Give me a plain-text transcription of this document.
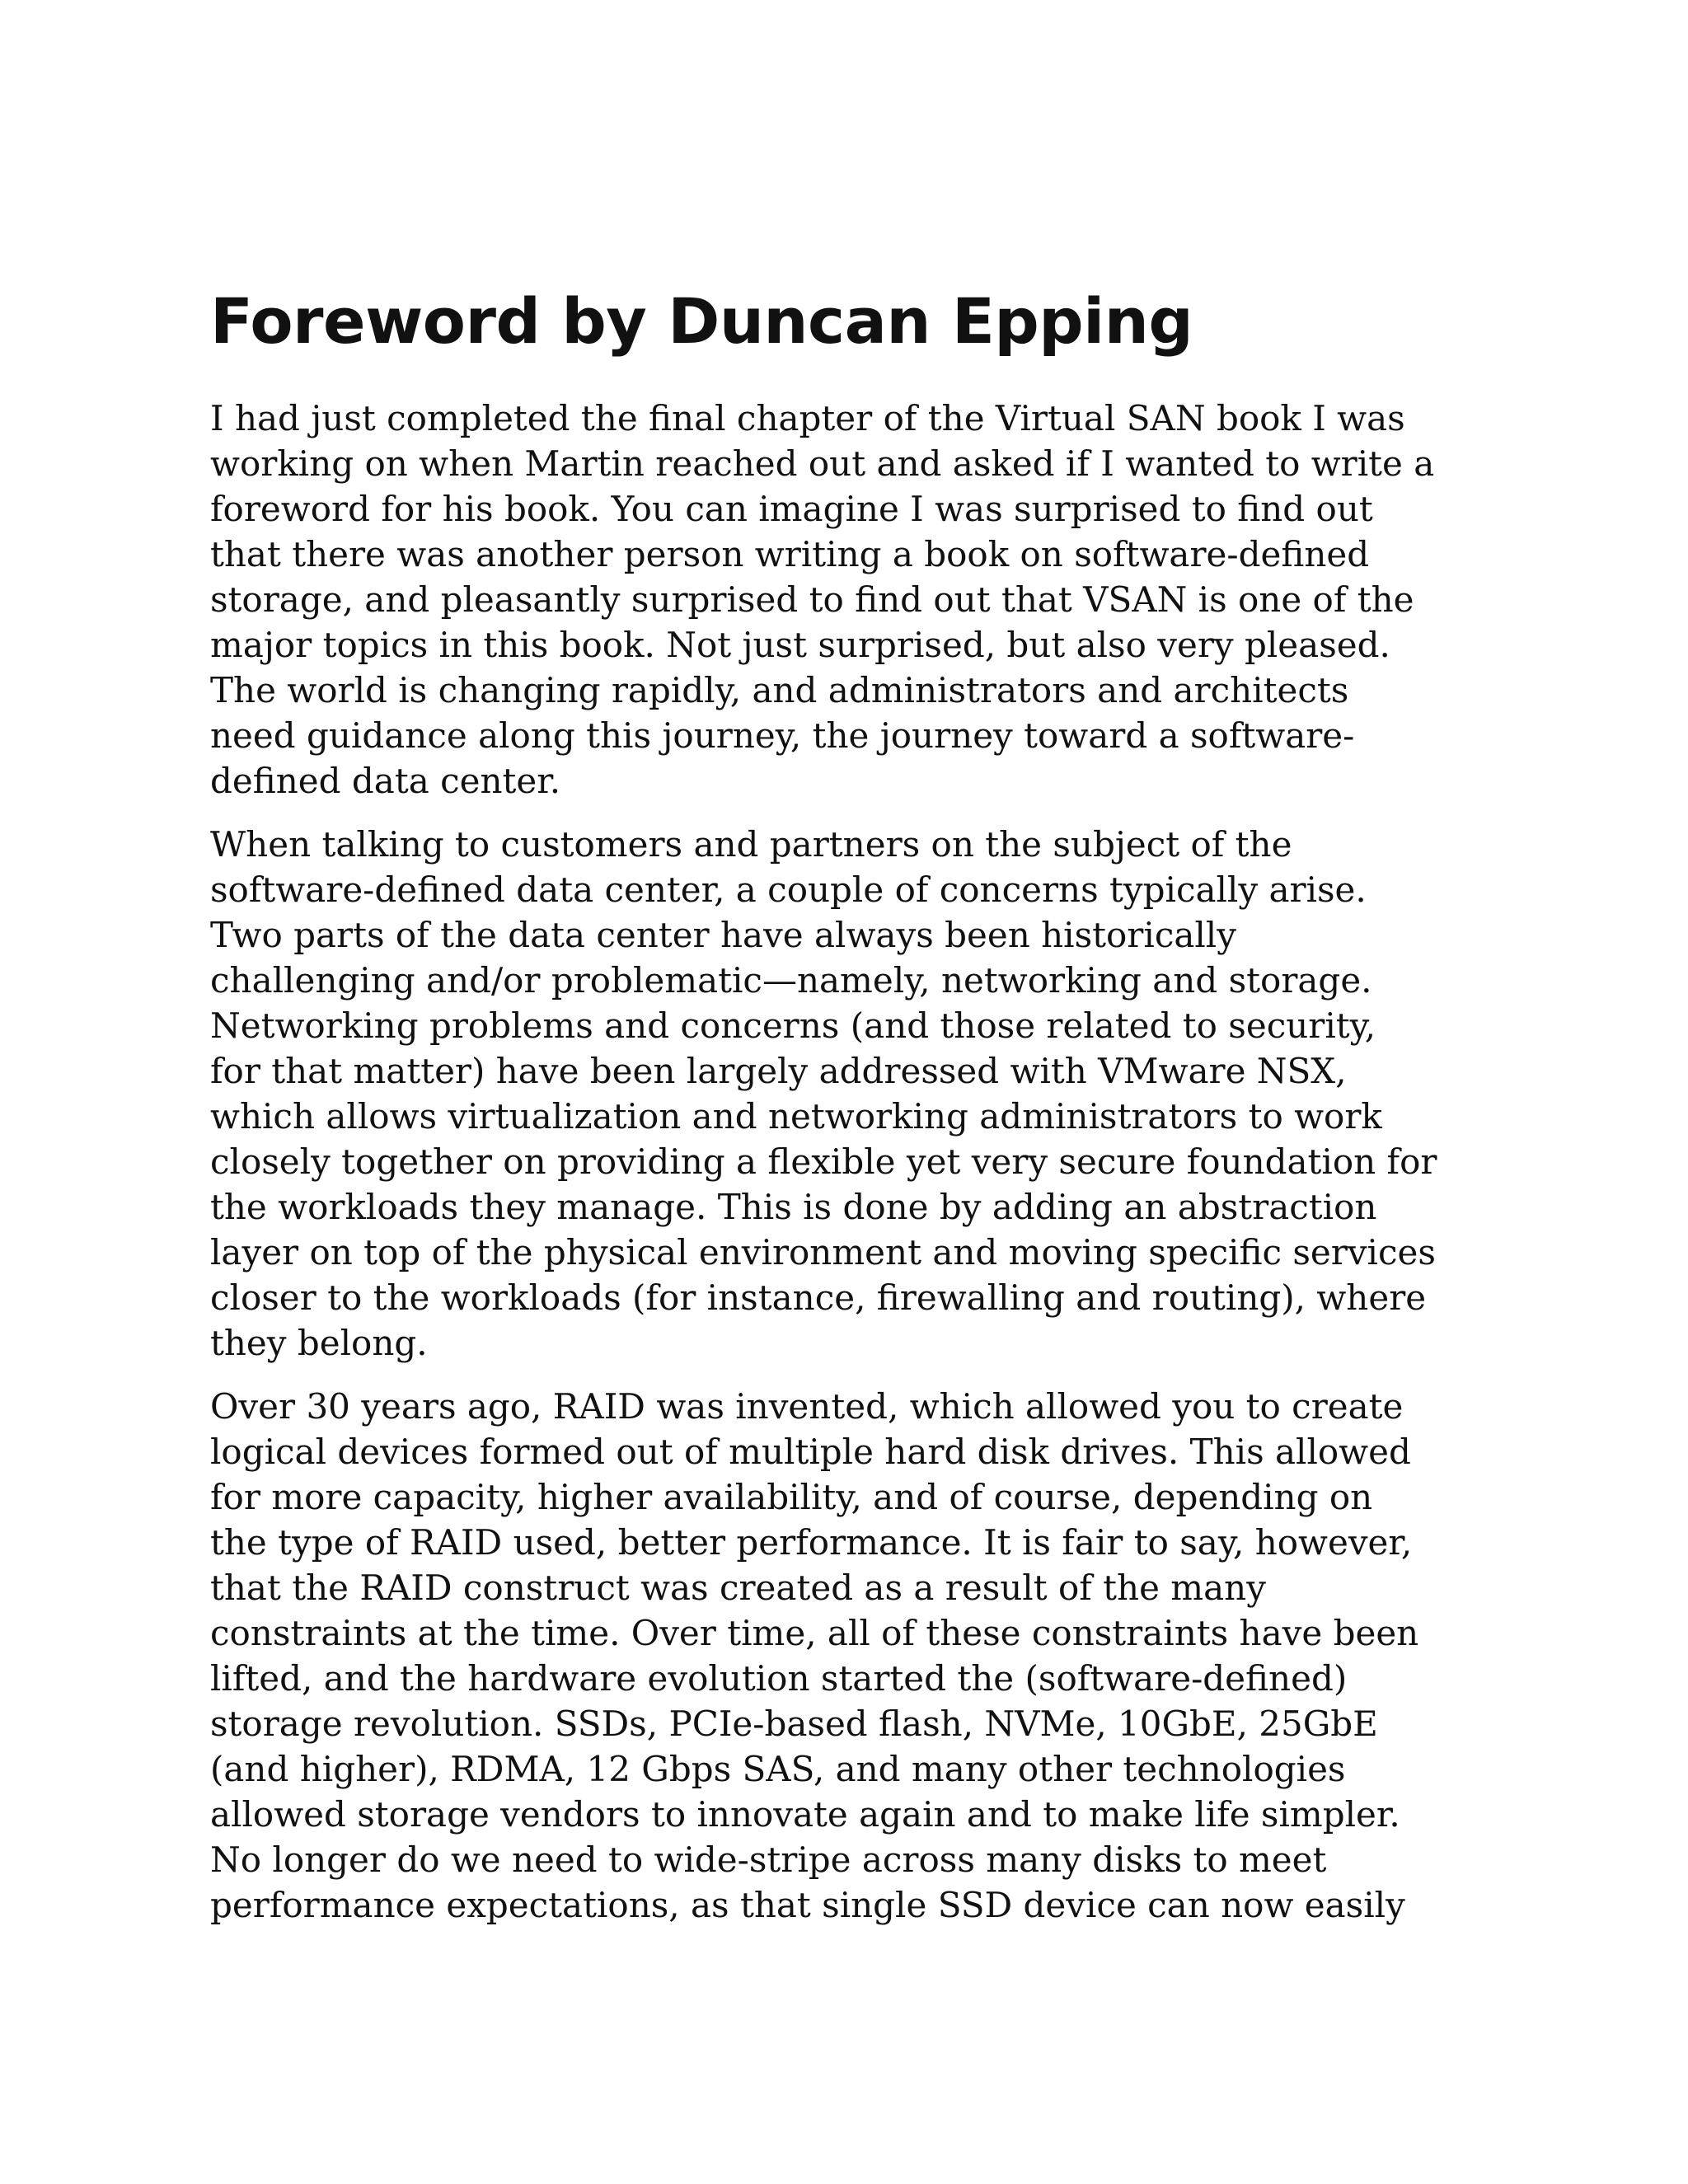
Foreword by Duncan Epping

I had just completed the final chapter of the Virtual SAN book I was
working on when Martin reached out and asked if I wanted to write a
foreword for his book. You can imagine I was surprised to find out
that there was another person writing a book on software-defined
storage, and pleasantly surprised to find out that VSAN is one of the
major topics in this book. Not just surprised, but also very pleased.
The world is changing rapidly, and administrators and architects
need guidance along this journey, the journey toward a software-
defined data center.

When talking to customers and partners on the subject of the
software-defined data center, a couple of concerns typically arise.
Two parts of the data center have always been historically
challenging and/or problematic—namely, networking and storage.
Networking problems and concerns (and those related to security,
for that matter) have been largely addressed with VMware NSX,
which allows virtualization and networking administrators to work
closely together on providing a flexible yet very secure foundation for
the workloads they manage. This is done by adding an abstraction
layer on top of the physical environment and moving specific services
closer to the workloads (for instance, firewalling and routing), where
they belong.

Over 30 years ago, RAID was invented, which allowed you to create
logical devices formed out of multiple hard disk drives. This allowed
for more capacity, higher availability, and of course, depending on
the type of RAID used, better performance. It is fair to say, however,
that the RAID construct was created as a result of the many
constraints at the time. Over time, all of these constraints have been
lifted, and the hardware evolution started the (software-defined)
storage revolution. SSDs, PCIe-based flash, NVMe, 10GbE, 25GbE
(and higher), RDMA, 12 Gbps SAS, and many other technologies
allowed storage vendors to innovate again and to make life simpler.
No longer do we need to wide-stripe across many disks to meet
performance expectations, as that single SSD device can now easily
